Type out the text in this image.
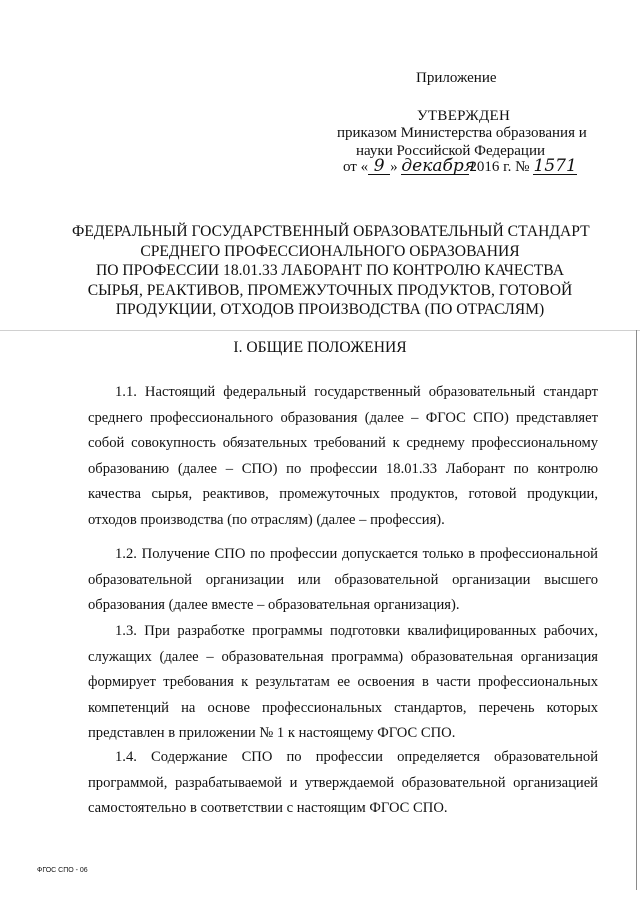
Приложение
УТВЕРЖДЕН
приказом Министерства образования и
науки Российской Федерации
от « 9 » декабря2016 г. № 1571
ФЕДЕРАЛЬНЫЙ ГОСУДАРСТВЕННЫЙ ОБРАЗОВАТЕЛЬНЫЙ СТАНДАРТ
СРЕДНЕГО ПРОФЕССИОНАЛЬНОГО ОБРАЗОВАНИЯ
ПО ПРОФЕССИИ 18.01.33 ЛАБОРАНТ ПО КОНТРОЛЮ КАЧЕСТВА
СЫРЬЯ, РЕАКТИВОВ, ПРОМЕЖУТОЧНЫХ ПРОДУКТОВ, ГОТОВОЙ
ПРОДУКЦИИ, ОТХОДОВ ПРОИЗВОДСТВА (ПО ОТРАСЛЯМ)
I. ОБЩИЕ ПОЛОЖЕНИЯ

1.1. Настоящий федеральный государственный образовательный стандарт среднего профессионального образования (далее – ФГОС СПО) представляет собой совокупность обязательных требований к среднему профессиональному образованию (далее – СПО) по профессии 18.01.33 Лаборант по контролю качества сырья, реактивов, промежуточных продуктов, готовой продукции, отходов производства (по отраслям) (далее – профессия).

1.2. Получение СПО по профессии допускается только в профессиональной образовательной организации или образовательной организации высшего образования (далее вместе – образовательная организация).

1.3. При разработке программы подготовки квалифицированных рабочих, служащих (далее – образовательная программа) образовательная организация формирует требования к результатам ее освоения в части профессиональных компетенций на основе профессиональных стандартов, перечень которых представлен в приложении № 1 к настоящему ФГОС СПО.

1.4. Содержание СПО по профессии определяется образовательной программой, разрабатываемой и утверждаемой образовательной организацией самостоятельно в соответствии с настоящим ФГОС СПО.

ФГОС СПО - 06
